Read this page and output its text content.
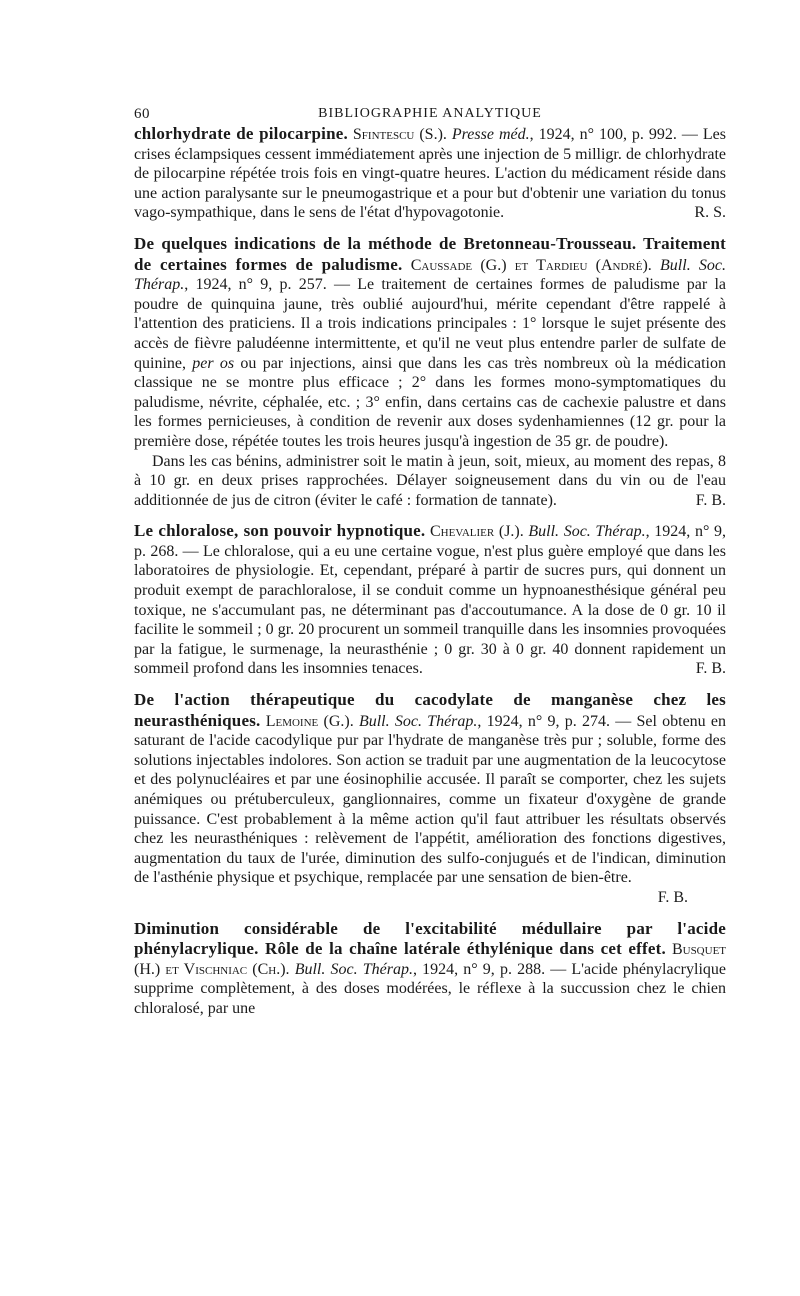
60	BIBLIOGRAPHIE ANALYTIQUE
chlorhydrate de pilocarpine. Sfintescu (S.). Presse méd., 1924, n° 100, p. 992. — Les crises éclampsiques cessent immédiatement après une injection de 5 milligr. de chlorhydrate de pilocarpine répétée trois fois en vingt-quatre heures. L'action du médicament réside dans une action paralysante sur le pneumogastrique et a pour but d'obtenir une variation du tonus vago-sympathique, dans le sens de l'état d'hypovagotonie.	R. S.
De quelques indications de la méthode de Bretonneau-Trousseau. Traitement de certaines formes de paludisme. Caussade (G.) et Tardieu (André). Bull. Soc. Thérap., 1924, n° 9, p. 257. — Le traitement de certaines formes de paludisme par la poudre de quinquina jaune, très oublié aujourd'hui, mérite cependant d'être rappelé à l'attention des praticiens. Il a trois indications principales : 1° lorsque le sujet présente des accès de fièvre paludéenne intermittente, et qu'il ne veut plus entendre parler de sulfate de quinine, per os ou par injections, ainsi que dans les cas très nombreux où la médication classique ne se montre plus efficace ; 2° dans les formes mono-symptomatiques du paludisme, névrite, céphalée, etc. ; 3° enfin, dans certains cas de cachexie palustre et dans les formes pernicieuses, à condition de revenir aux doses sydenhamiennes (12 gr. pour la première dose, répétée toutes les trois heures jusqu'à ingestion de 35 gr. de poudre).
Dans les cas bénins, administrer soit le matin à jeun, soit, mieux, au moment des repas, 8 à 10 gr. en deux prises rapprochées. Délayer soigneusement dans du vin ou de l'eau additionnée de jus de citron (éviter le café : formation de tannate).	F. B.
Le chloralose, son pouvoir hypnotique. Chevalier (J.). Bull. Soc. Thérap., 1924, n° 9, p. 268. — Le chloralose, qui a eu une certaine vogue, n'est plus guère employé que dans les laboratoires de physiologie. Et, cependant, préparé à partir de sucres purs, qui donnent un produit exempt de parachloralose, il se conduit comme un hypnoanesthésique général peu toxique, ne s'accumulant pas, ne déterminant pas d'accoutumance. A la dose de 0 gr. 10 il facilite le sommeil ; 0 gr. 20 procurent un sommeil tranquille dans les insomnies provoquées par la fatigue, le surmenage, la neurasthénie ; 0 gr. 30 à 0 gr. 40 donnent rapidement un sommeil profond dans les insomnies tenaces.	F. B.
De l'action thérapeutique du cacodylate de manganèse chez les neurasthéniques. Lemoine (G.). Bull. Soc. Thérap., 1924, n° 9, p. 274. — Sel obtenu en saturant de l'acide cacodylique pur par l'hydrate de manganèse très pur ; soluble, forme des solutions injectables indolores. Son action se traduit par une augmentation de la leucocytose et des polynucléaires et par une éosinophilie accusée. Il paraît se comporter, chez les sujets anémiques ou prétuberculeux, ganglionnaires, comme un fixateur d'oxygène de grande puissance. C'est probablement à la même action qu'il faut attribuer les résultats observés chez les neurasthéniques : relèvement de l'appétit, amélioration des fonctions digestives, augmentation du taux de l'urée, diminution des sulfo-conjugués et de l'indican, diminution de l'asthénie physique et psychique, remplacée par une sensation de bien-être.
F. B.
Diminution considérable de l'excitabilité médullaire par l'acide phénylacrylique. Rôle de la chaîne latérale éthylénique dans cet effet. Busquet (H.) et Vischniac (Ch.). Bull. Soc. Thérap., 1924, n° 9, p. 288. — L'acide phénylacrylique supprime complètement, à des doses modérées, le réflexe à la succussion chez le chien chloralosé, par une
